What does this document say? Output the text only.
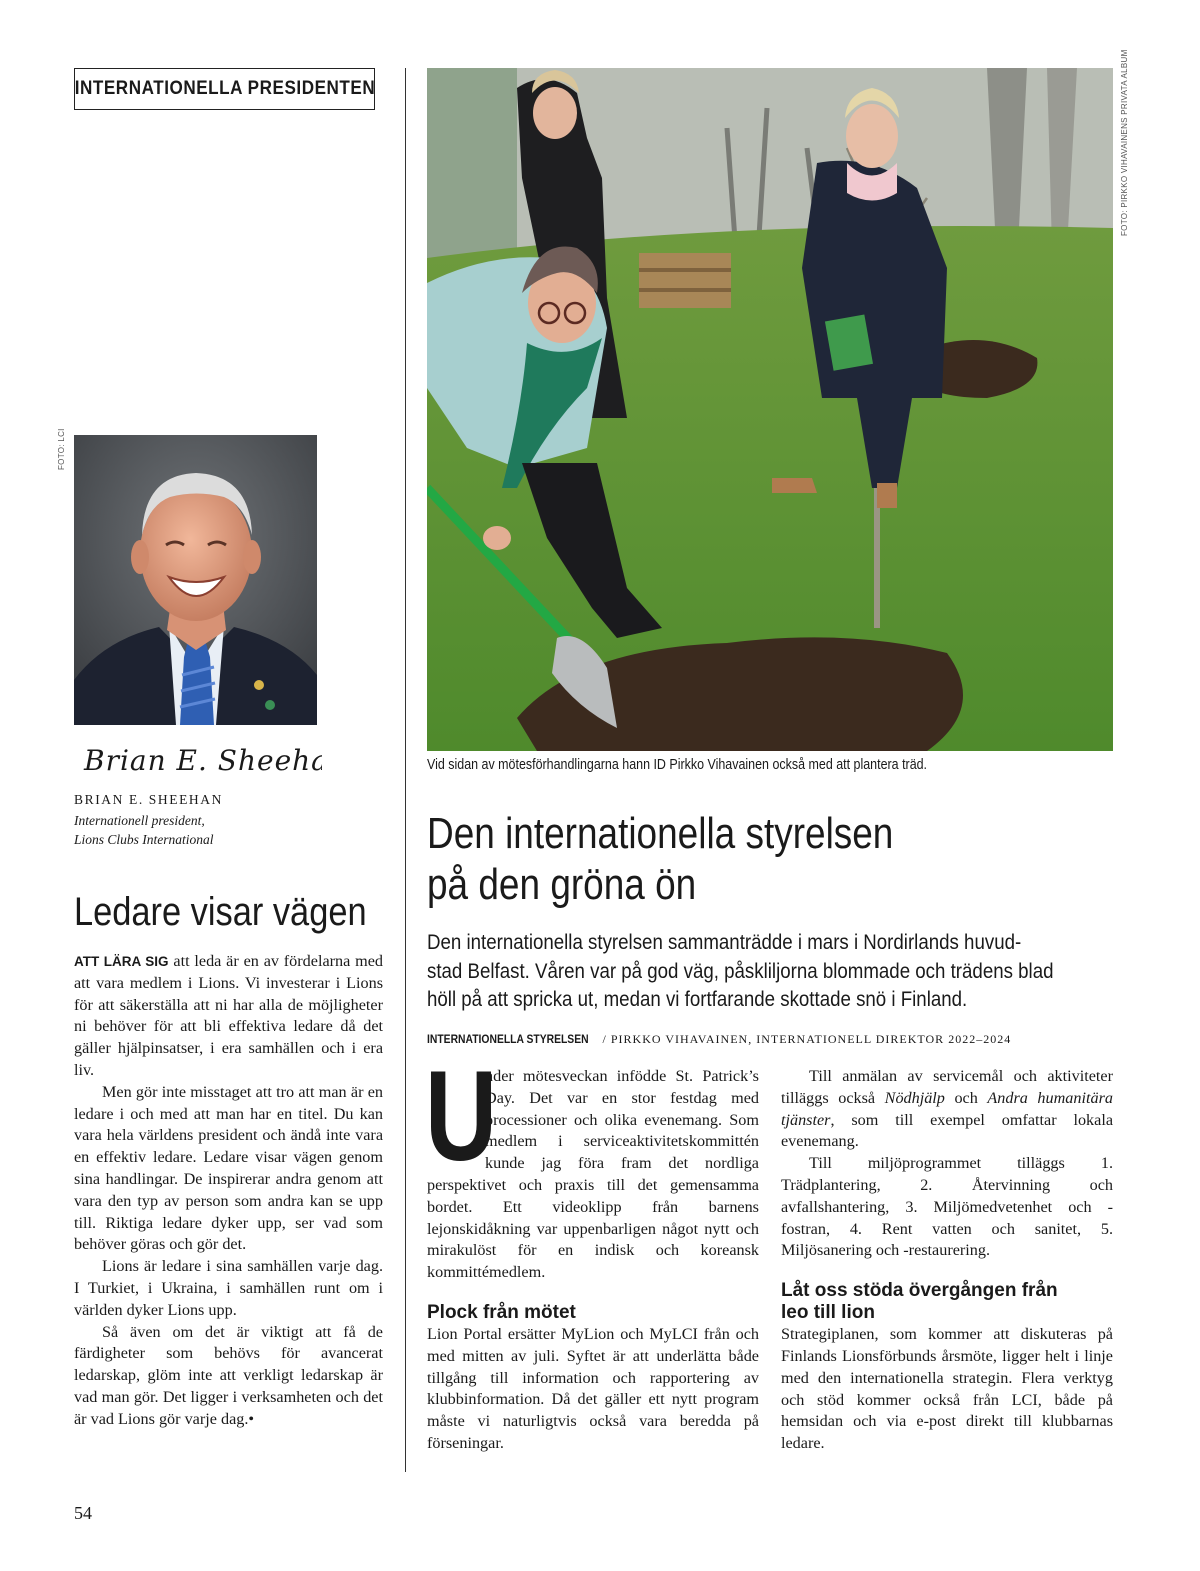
INTERNATIONELLA PRESIDENTEN
FOTO: LCI
Brian E. Sheehan
BRIAN E. SHEEHAN
Internationell president,
Lions Clubs International
Ledare visar vägen

ATT LÄRA SIG att leda är en av fördelarna med att vara medlem i Lions. Vi investerar i Lions för att säkerställa att ni har alla de möjligheter ni behöver för att bli effektiva ledare då det gäller hjälpinsatser, i era samhällen och i era liv.

Men gör inte misstaget att tro att man är en ledare i och med att man har en titel. Du kan vara hela världens president och ändå inte vara en effektiv ledare. Ledare visar vägen genom sina handlingar. De inspirerar andra genom att vara den typ av person som andra kan se upp till. Riktiga ledare dyker upp, ser vad som behöver göras och gör det.

Lions är ledare i sina samhällen varje dag. I Turkiet, i Ukraina, i samhällen runt om i världen dyker Lions upp.

Så även om det är viktigt att få de färdigheter som behövs för avancerat ledarskap, glöm inte att verkligt ledarskap är vad man gör. Det ligger i verksamheten och det är vad Lions gör varje dag.•

FOTO: PIRKKO VIHAVAINENS PRIVATA ALBUM
Vid sidan av mötesförhandlingarna hann ID Pirkko Vihavainen också med att plantera träd.
Den internationella styrelsen
på den gröna ön
Den internationella styrelsen sammanträdde i mars i Nordirlands huvud-
stad Belfast. Våren var på god väg, påskliljorna blommade och trädens blad
höll på att spricka ut, medan vi fortfarande skottade snö i Finland.
INTERNATIONELLA STYRELSEN / PIRKKO VIHAVAINEN, INTERNATIONELL DIREKTOR 2022–2024

U
nder mötesveckan infödde St. Patrick’s Day. Det var en stor festdag med processioner och olika evenemang. Som medlem i serviceaktivitetskommittén kunde jag föra fram det nordliga perspektivet och praxis till det gemensamma bordet. Ett videoklipp från barnens lejonskidåkning var uppenbarligen något nytt och mirakulöst för en indisk och koreansk kommittémedlem.

Plock från mötet

Lion Portal ersätter MyLion och MyLCI från och med mitten av juli. Syftet är att underlätta både tillgång till information och rapportering av klubbinformation. Då det gäller ett nytt program måste vi naturligtvis också vara beredda på förseningar.

Till anmälan av servicemål och aktiviteter tilläggs också Nödhjälp och Andra humanitära tjänster, som till exempel omfattar lokala evenemang.

Till miljöprogrammet tilläggs 1. Trädplantering, 2. Återvinning och avfallshantering, 3. Miljömedvetenhet och -fostran, 4. Rent vatten och sanitet, 5. Miljösanering och -restaurering.

Låt oss stöda övergången från leo till lion

Strategiplanen, som kommer att diskuteras på Finlands Lionsförbunds årsmöte, ligger helt i linje med den internationella strategin. Flera verktyg och stöd kommer också från LCI, både på hemsidan och via e-post direkt till klubbarnas ledare.

54
